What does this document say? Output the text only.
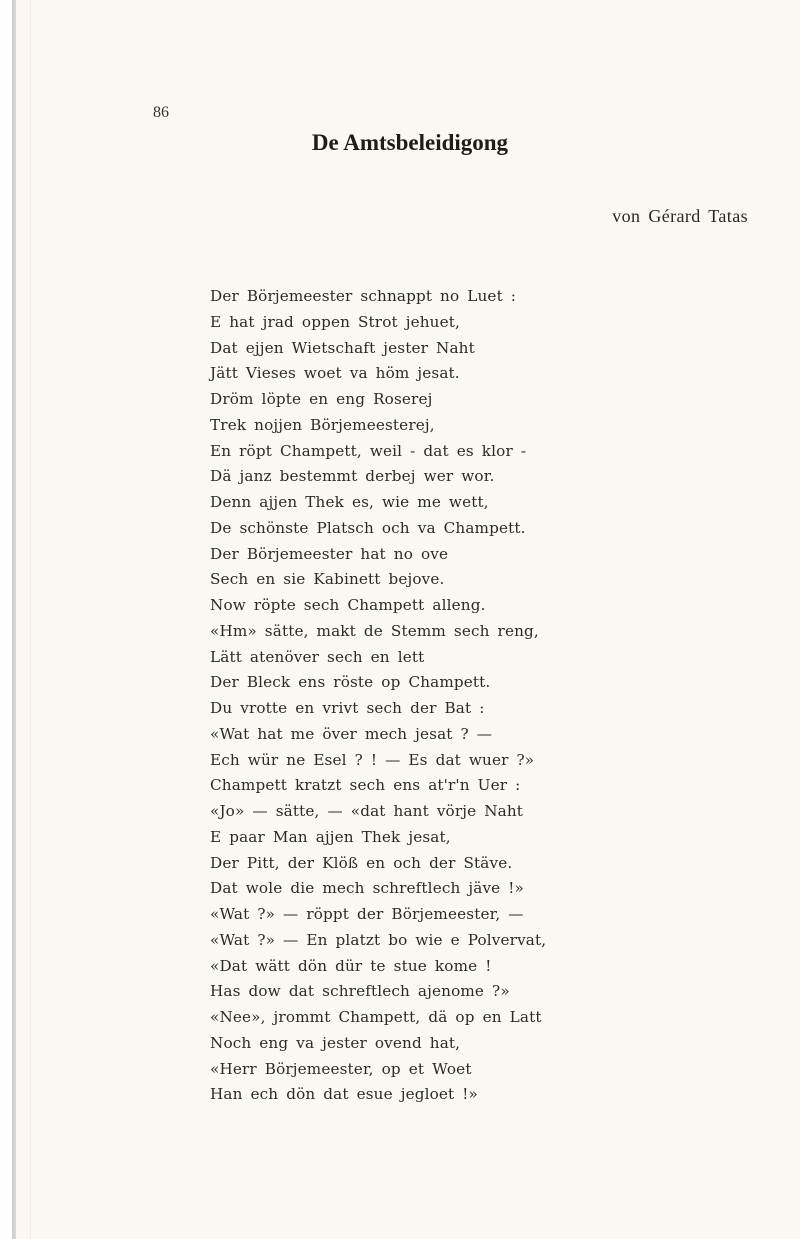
86
De Amtsbeleidigong
von Gérard Tatas
Der Börjemeester schnappt no Luet :
E hat jrad oppen Strot jehuet,
Dat ejjen Wietschaft jester Naht
Jätt Vieses woet va höm jesat.
Dröm löpte en eng Roserej
Trek nojjen Börjemeesterej,
En röpt Champett, weil - dat es klor -
Dä janz bestemmt derbej wer wor.
Denn ajjen Thek es, wie me wett,
De schönste Platsch och va Champett.
Der Börjemeester hat no ove
Sech en sie Kabinett bejove.
Now röpte sech Champett alleng.
«Hm» sätte, makt de Stemm sech reng,
Lätt atenöver sech en lett
Der Bleck ens röste op Champett.
Du vrotte en vrivt sech der Bat :
«Wat hat me över mech jesat ? —
Ech wür ne Esel ? ! — Es dat wuer ?»
Champett kratzt sech ens at'r'n Uer :
«Jo» — sätte, — «dat hant vörje Naht
E paar Man ajjen Thek jesat,
Der Pitt, der Klöß en och der Stäve.
Dat wole die mech schreftlech jäve !»
«Wat ?» — röppt der Börjemeester, —
«Wat ?» — En platzt bo wie e Polvervat,
«Dat wätt dön dür te stue kome !
Has dow dat schreftlech ajenome ?»
«Nee», jrommt Champett, dä op en Latt
Noch eng va jester ovend hat,
«Herr Börjemeester, op et Woet
Han ech dön dat esue jegloet !»
